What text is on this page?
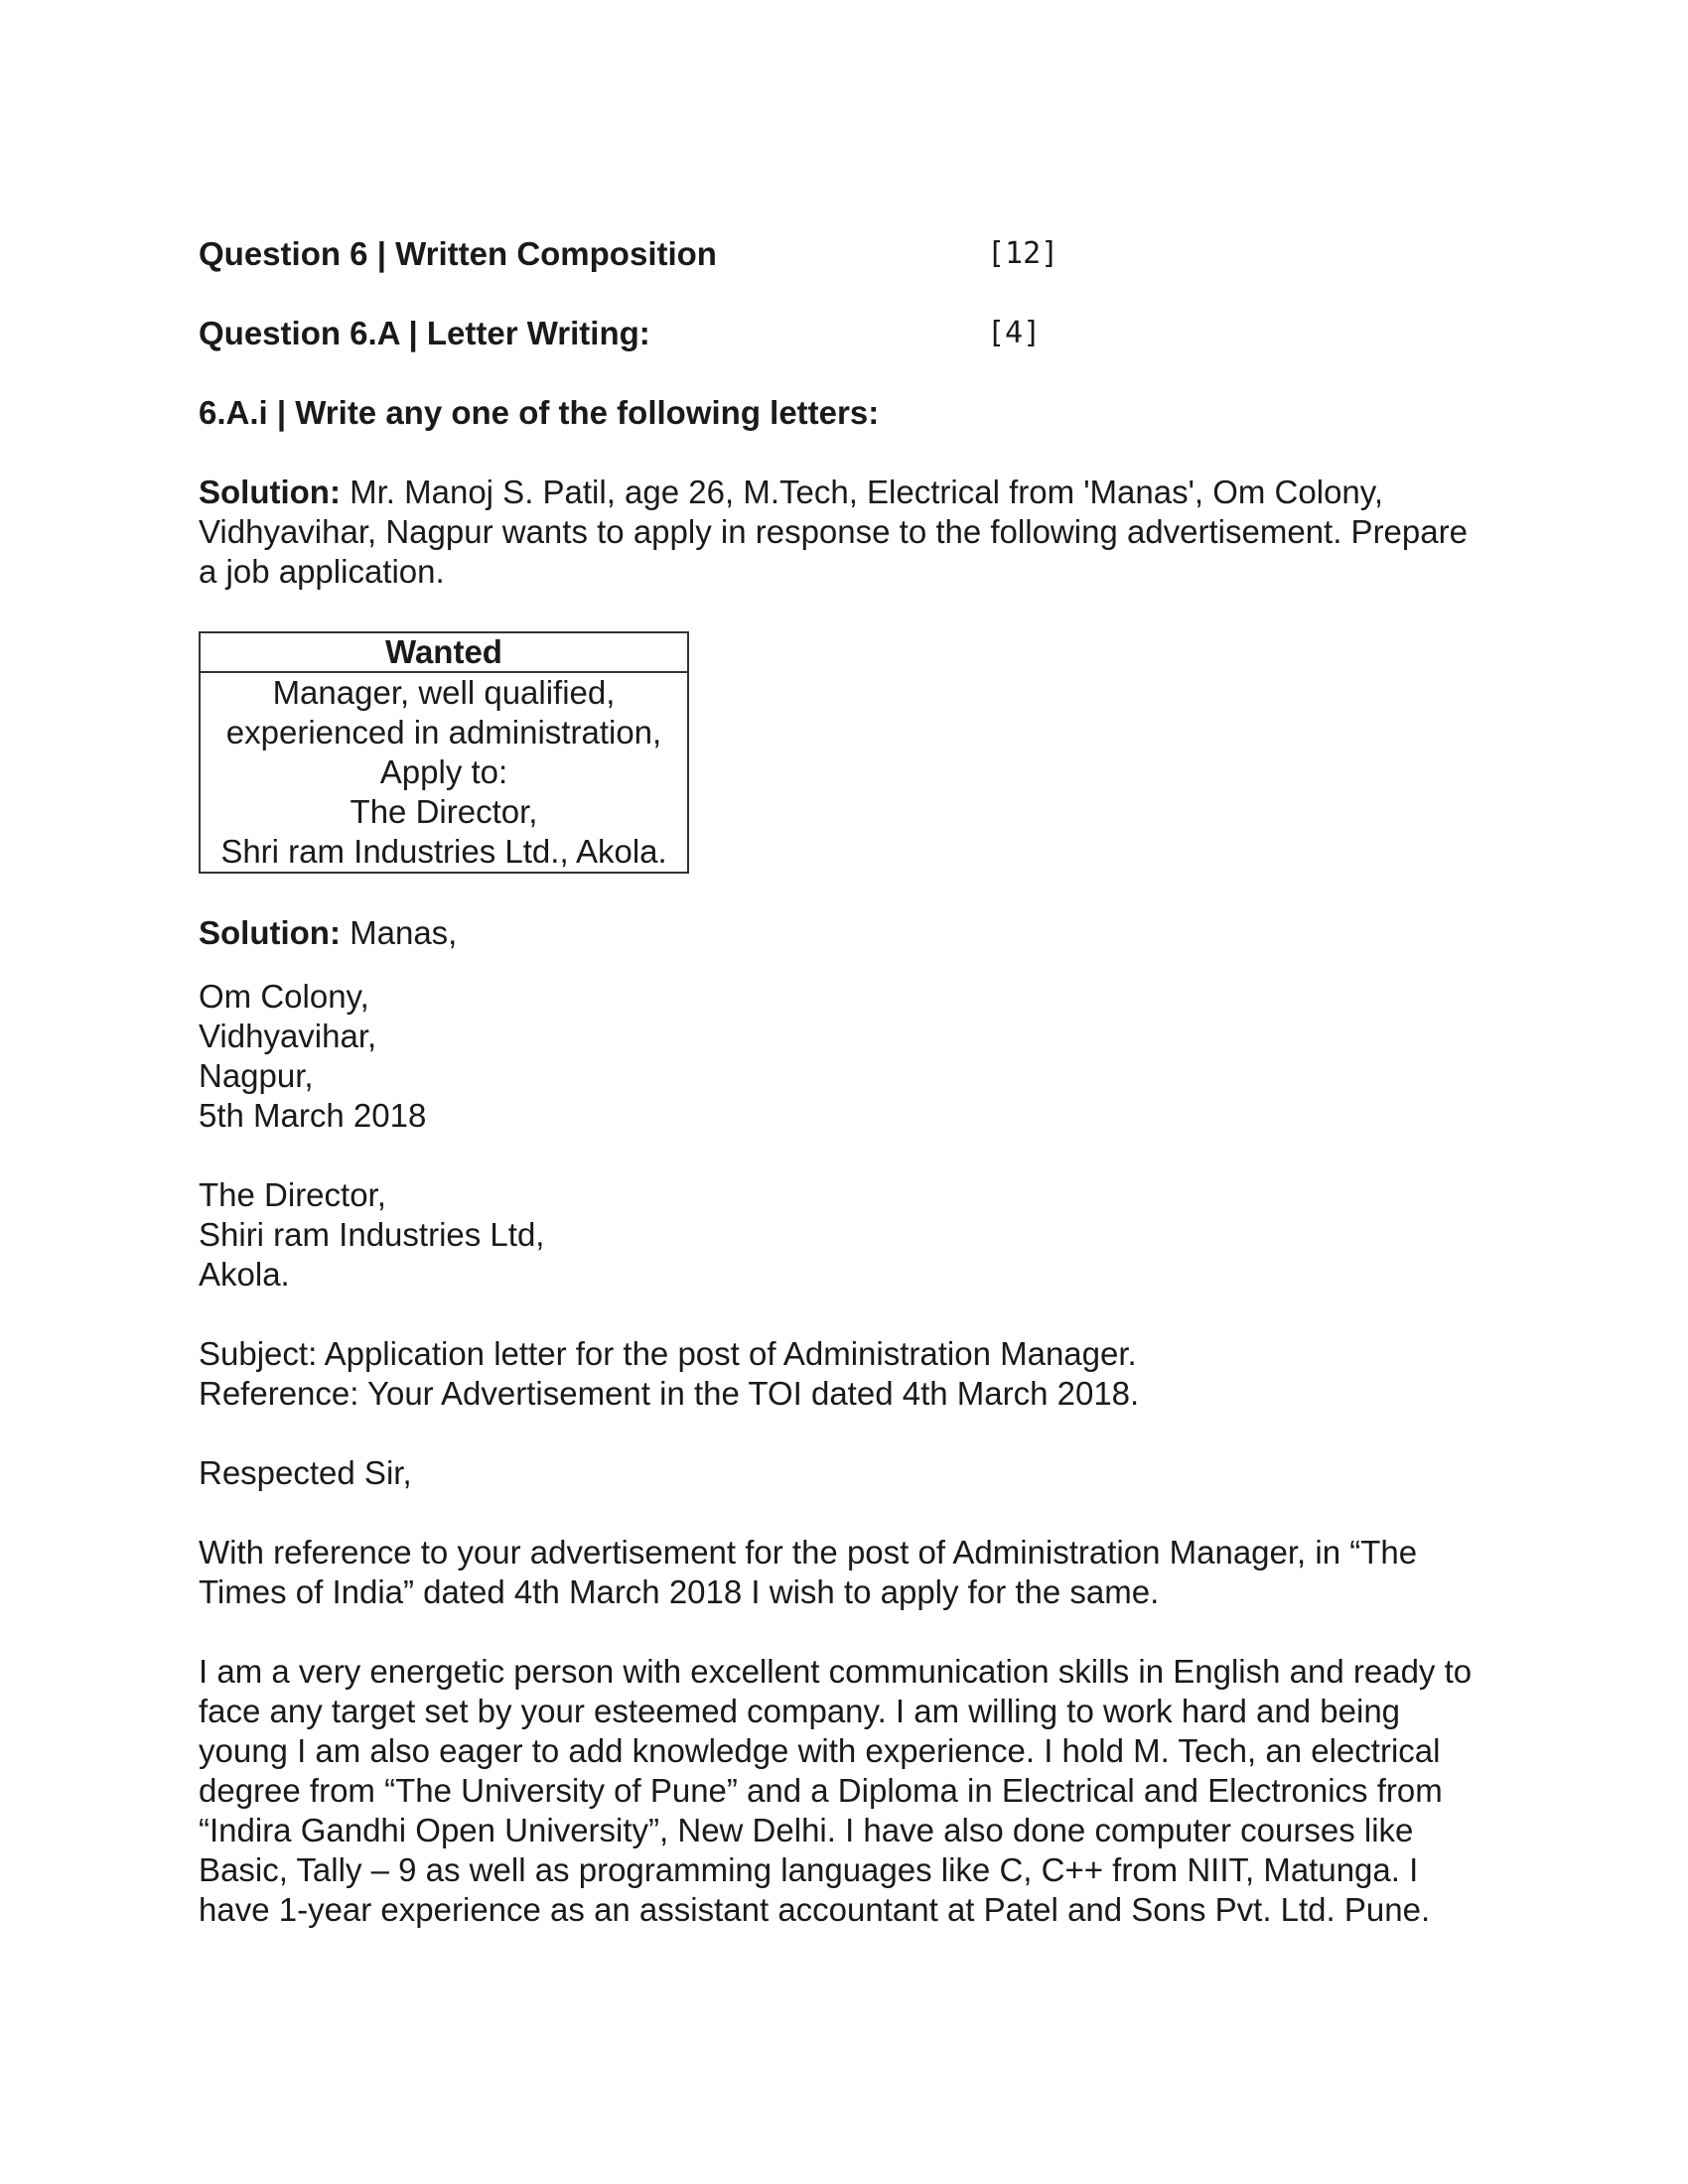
Question 6 | Written Composition	[12]
Question 6.A | Letter Writing:	[4]
6.A.i | Write any one of the following letters:

Solution: Mr. Manoj S. Patil, age 26, M.Tech, Electrical from 'Manas', Om Colony, Vidhyavihar, Nagpur wants to apply in response to the following advertisement. Prepare a job application.

Wanted
Manager, well qualified,
experienced in administration,
Apply to:
The Director,
Shri ram Industries Ltd., Akola.
Solution: Manas,
Om Colony,
Vidhyavihar,
Nagpur,
5th March 2018
The Director,
Shiri ram Industries Ltd,
Akola.
Subject: Application letter for the post of Administration Manager.
Reference: Your Advertisement in the TOI dated 4th March 2018.

Respected Sir,

With reference to your advertisement for the post of Administration Manager, in “The Times of India” dated 4th March 2018 I wish to apply for the same.

I am a very energetic person with excellent communication skills in English and ready to face any target set by your esteemed company. I am willing to work hard and being young I am also eager to add knowledge with experience. I hold M. Tech, an electrical degree from “The University of Pune” and a Diploma in Electrical and Electronics from “Indira Gandhi Open University”, New Delhi. I have also done computer courses like Basic, Tally – 9 as well as programming languages like C, C++ from NIIT, Matunga. I have 1-year experience as an assistant accountant at Patel and Sons Pvt. Ltd. Pune.
